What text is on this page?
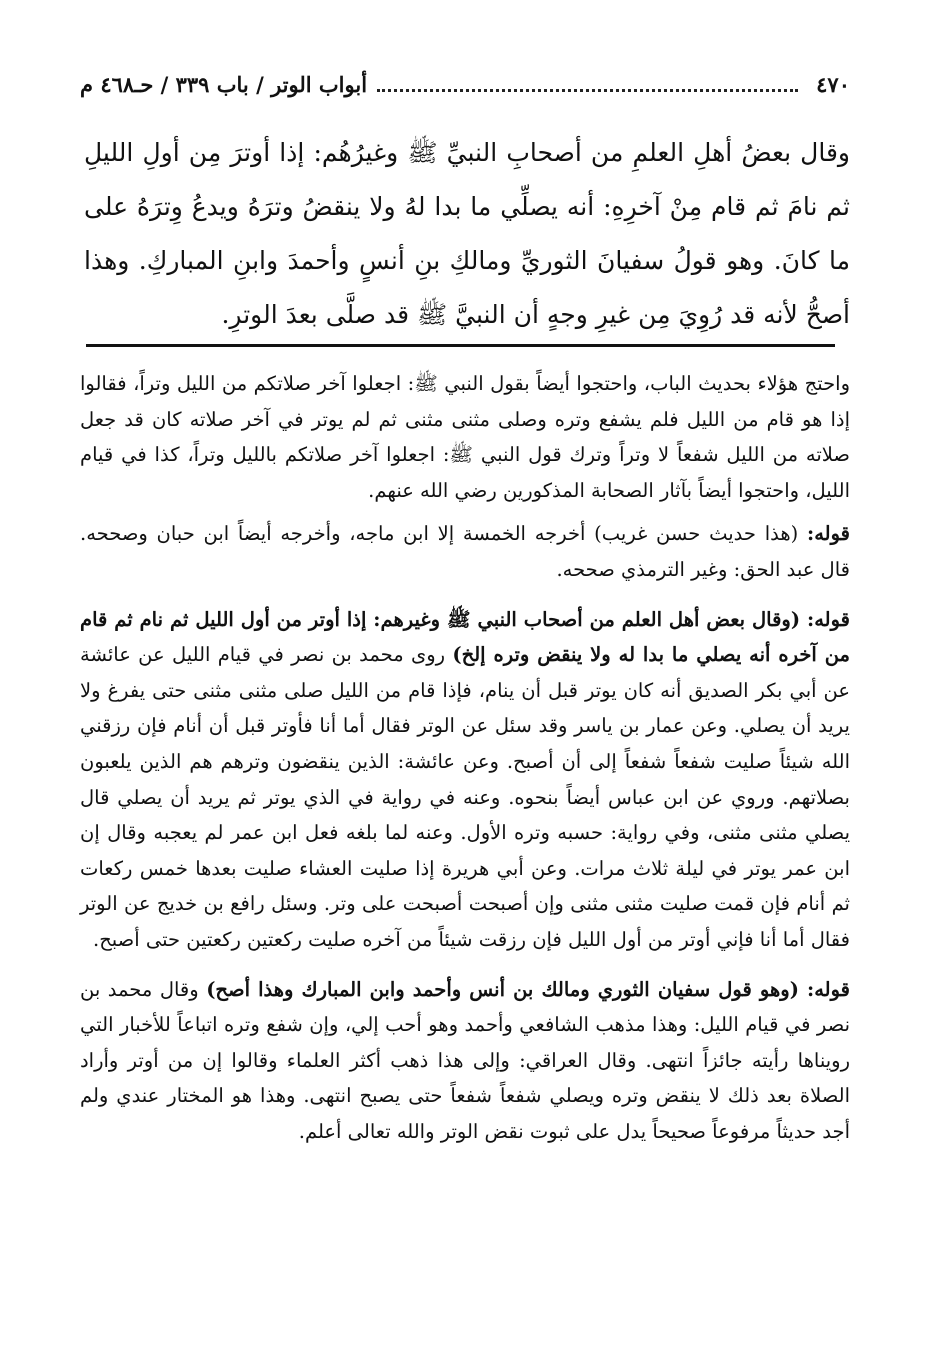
٤٧٠
أبواب الوتر / باب ٣٣٩ / حـ٤٦٨ م

وقال بعضُ أهلِ العلمِ من أصحابِ النبيِّ ﷺ وغيرُهُم: إذا أوترَ مِن أولِ الليلِ ثم نامَ ثم قام مِنْ آخرِهِ: أنه يصلِّي ما بدا لهُ ولا ينقضُ وترَهُ ويدعُ وِترَهُ على ما كانَ. وهو قولُ سفيانَ الثوريِّ ومالكِ بنِ أنسٍ وأحمدَ وابنِ المباركِ. وهذا أصحُّ لأنه قد رُوِيَ مِن غيرِ وجهٍ أن النبيَّ ﷺ قد صلَّى بعدَ الوترِ.

واحتج هؤلاء بحديث الباب، واحتجوا أيضاً بقول النبي ﷺ: اجعلوا آخر صلاتكم من الليل وتراً، فقالوا إذا هو قام من الليل فلم يشفع وتره وصلى مثنى مثنى ثم لم يوتر في آخر صلاته كان قد جعل صلاته من الليل شفعاً لا وتراً وترك قول النبي ﷺ: اجعلوا آخر صلاتكم بالليل وتراً، كذا في قيام الليل، واحتجوا أيضاً بآثار الصحابة المذكورين رضي الله عنهم.

قوله: (هذا حديث حسن غريب) أخرجه الخمسة إلا ابن ماجه، وأخرجه أيضاً ابن حبان وصححه. قال عبد الحق: وغير الترمذي صححه.

قوله: (وقال بعض أهل العلم من أصحاب النبي ﷺ وغيرهم: إذا أوتر من أول الليل ثم نام ثم قام من آخره أنه يصلي ما بدا له ولا ينقض وتره إلخ) روى محمد بن نصر في قيام الليل عن عائشة عن أبي بكر الصديق أنه كان يوتر قبل أن ينام، فإذا قام من الليل صلى مثنى مثنى حتى يفرغ ولا يريد أن يصلي. وعن عمار بن ياسر وقد سئل عن الوتر فقال أما أنا فأوتر قبل أن أنام فإن رزقني الله شيئاً صليت شفعاً شفعاً إلى أن أصبح. وعن عائشة: الذين ينقضون وترهم هم الذين يلعبون بصلاتهم. وروي عن ابن عباس أيضاً بنحوه. وعنه في رواية في الذي يوتر ثم يريد أن يصلي قال يصلي مثنى مثنى، وفي رواية: حسبه وتره الأول. وعنه لما بلغه فعل ابن عمر لم يعجبه وقال إن ابن عمر يوتر في ليلة ثلاث مرات. وعن أبي هريرة إذا صليت العشاء صليت بعدها خمس ركعات ثم أنام فإن قمت صليت مثنى مثنى وإن أصبحت أصبحت على وتر. وسئل رافع بن خديج عن الوتر فقال أما أنا فإني أوتر من أول الليل فإن رزقت شيئاً من آخره صليت ركعتين ركعتين حتى أصبح.

قوله: (وهو قول سفيان الثوري ومالك بن أنس وأحمد وابن المبارك وهذا أصح) وقال محمد بن نصر في قيام الليل: وهذا مذهب الشافعي وأحمد وهو أحب إلي، وإن شفع وتره اتباعاً للأخبار التي رويناها رأيته جائزاً انتهى. وقال العراقي: وإلى هذا ذهب أكثر العلماء وقالوا إن من أوتر وأراد الصلاة بعد ذلك لا ينقض وتره ويصلي شفعاً شفعاً حتى يصبح انتهى. وهذا هو المختار عندي ولم أجد حديثاً مرفوعاً صحيحاً يدل على ثبوت نقض الوتر والله تعالى أعلم.
